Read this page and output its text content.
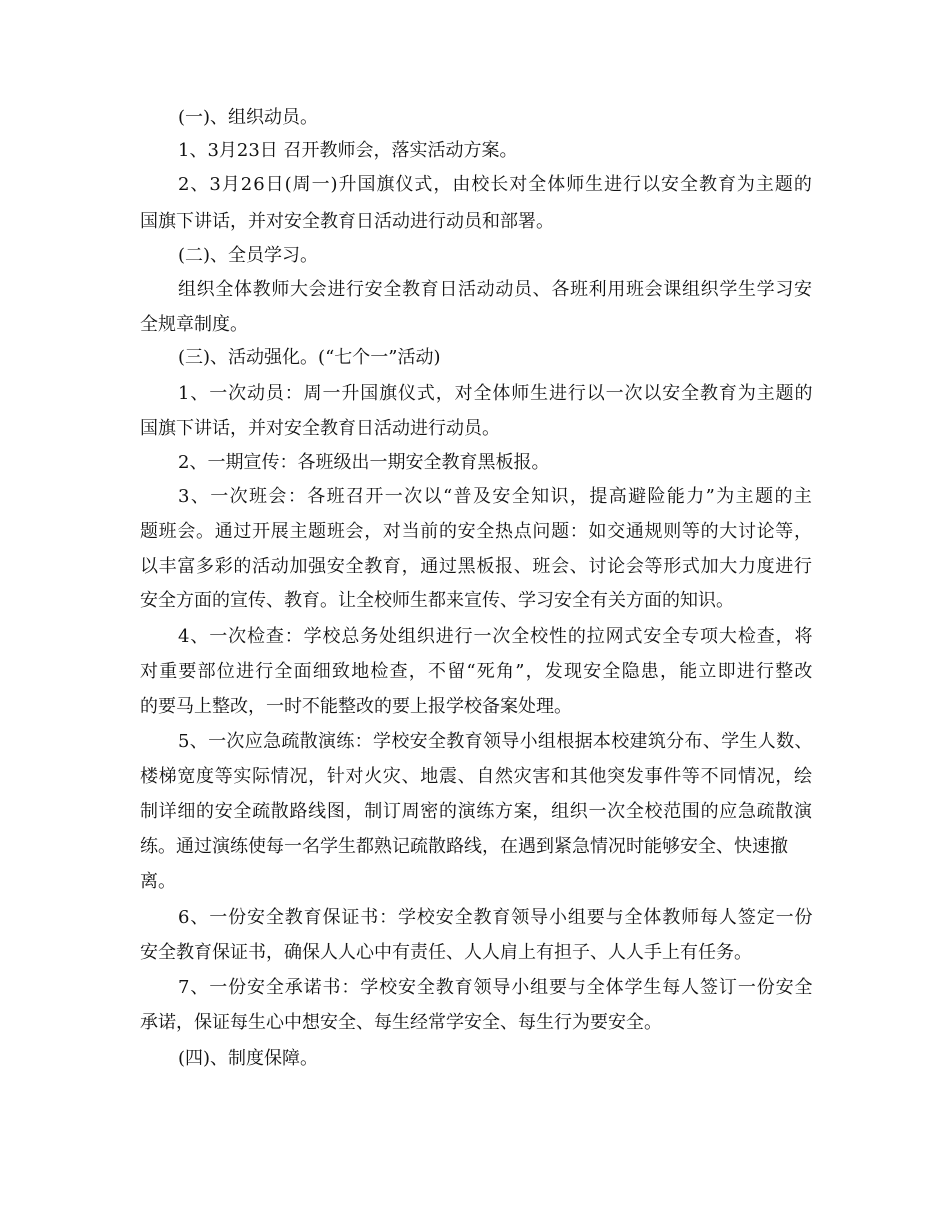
(一)、组织动员。
1、3月23日 召开教师会，落实活动方案。
2、3月26日(周一)升国旗仪式，由校长对全体师生进行以安全教育为主题的
国旗下讲话，并对安全教育日活动进行动员和部署。
(二)、全员学习。
组织全体教师大会进行安全教育日活动动员、各班利用班会课组织学生学习安
全规章制度。
(三)、活动强化。(“七个一”活动)
1、一次动员：周一升国旗仪式，对全体师生进行以一次以安全教育为主题的
国旗下讲话，并对安全教育日活动进行动员。
2、一期宣传：各班级出一期安全教育黑板报。
3、一次班会：各班召开一次以“普及安全知识，提高避险能力”为主题的主
题班会。通过开展主题班会，对当前的安全热点问题：如交通规则等的大讨论等，
以丰富多彩的活动加强安全教育，通过黑板报、班会、讨论会等形式加大力度进行
安全方面的宣传、教育。让全校师生都来宣传、学习安全有关方面的知识。
4、一次检查：学校总务处组织进行一次全校性的拉网式安全专项大检查，将
对重要部位进行全面细致地检查，不留“死角”，发现安全隐患，能立即进行整改
的要马上整改，一时不能整改的要上报学校备案处理。
5、一次应急疏散演练：学校安全教育领导小组根据本校建筑分布、学生人数、
楼梯宽度等实际情况，针对火灾、地震、自然灾害和其他突发事件等不同情况，绘
制详细的安全疏散路线图，制订周密的演练方案，组织一次全校范围的应急疏散演
练。通过演练使每一名学生都熟记疏散路线，在遇到紧急情况时能够安全、快速撤
离。
6、一份安全教育保证书：学校安全教育领导小组要与全体教师每人签定一份
安全教育保证书，确保人人心中有责任、人人肩上有担子、人人手上有任务。
7、一份安全承诺书：学校安全教育领导小组要与全体学生每人签订一份安全
承诺，保证每生心中想安全、每生经常学安全、每生行为要安全。
(四)、制度保障。
